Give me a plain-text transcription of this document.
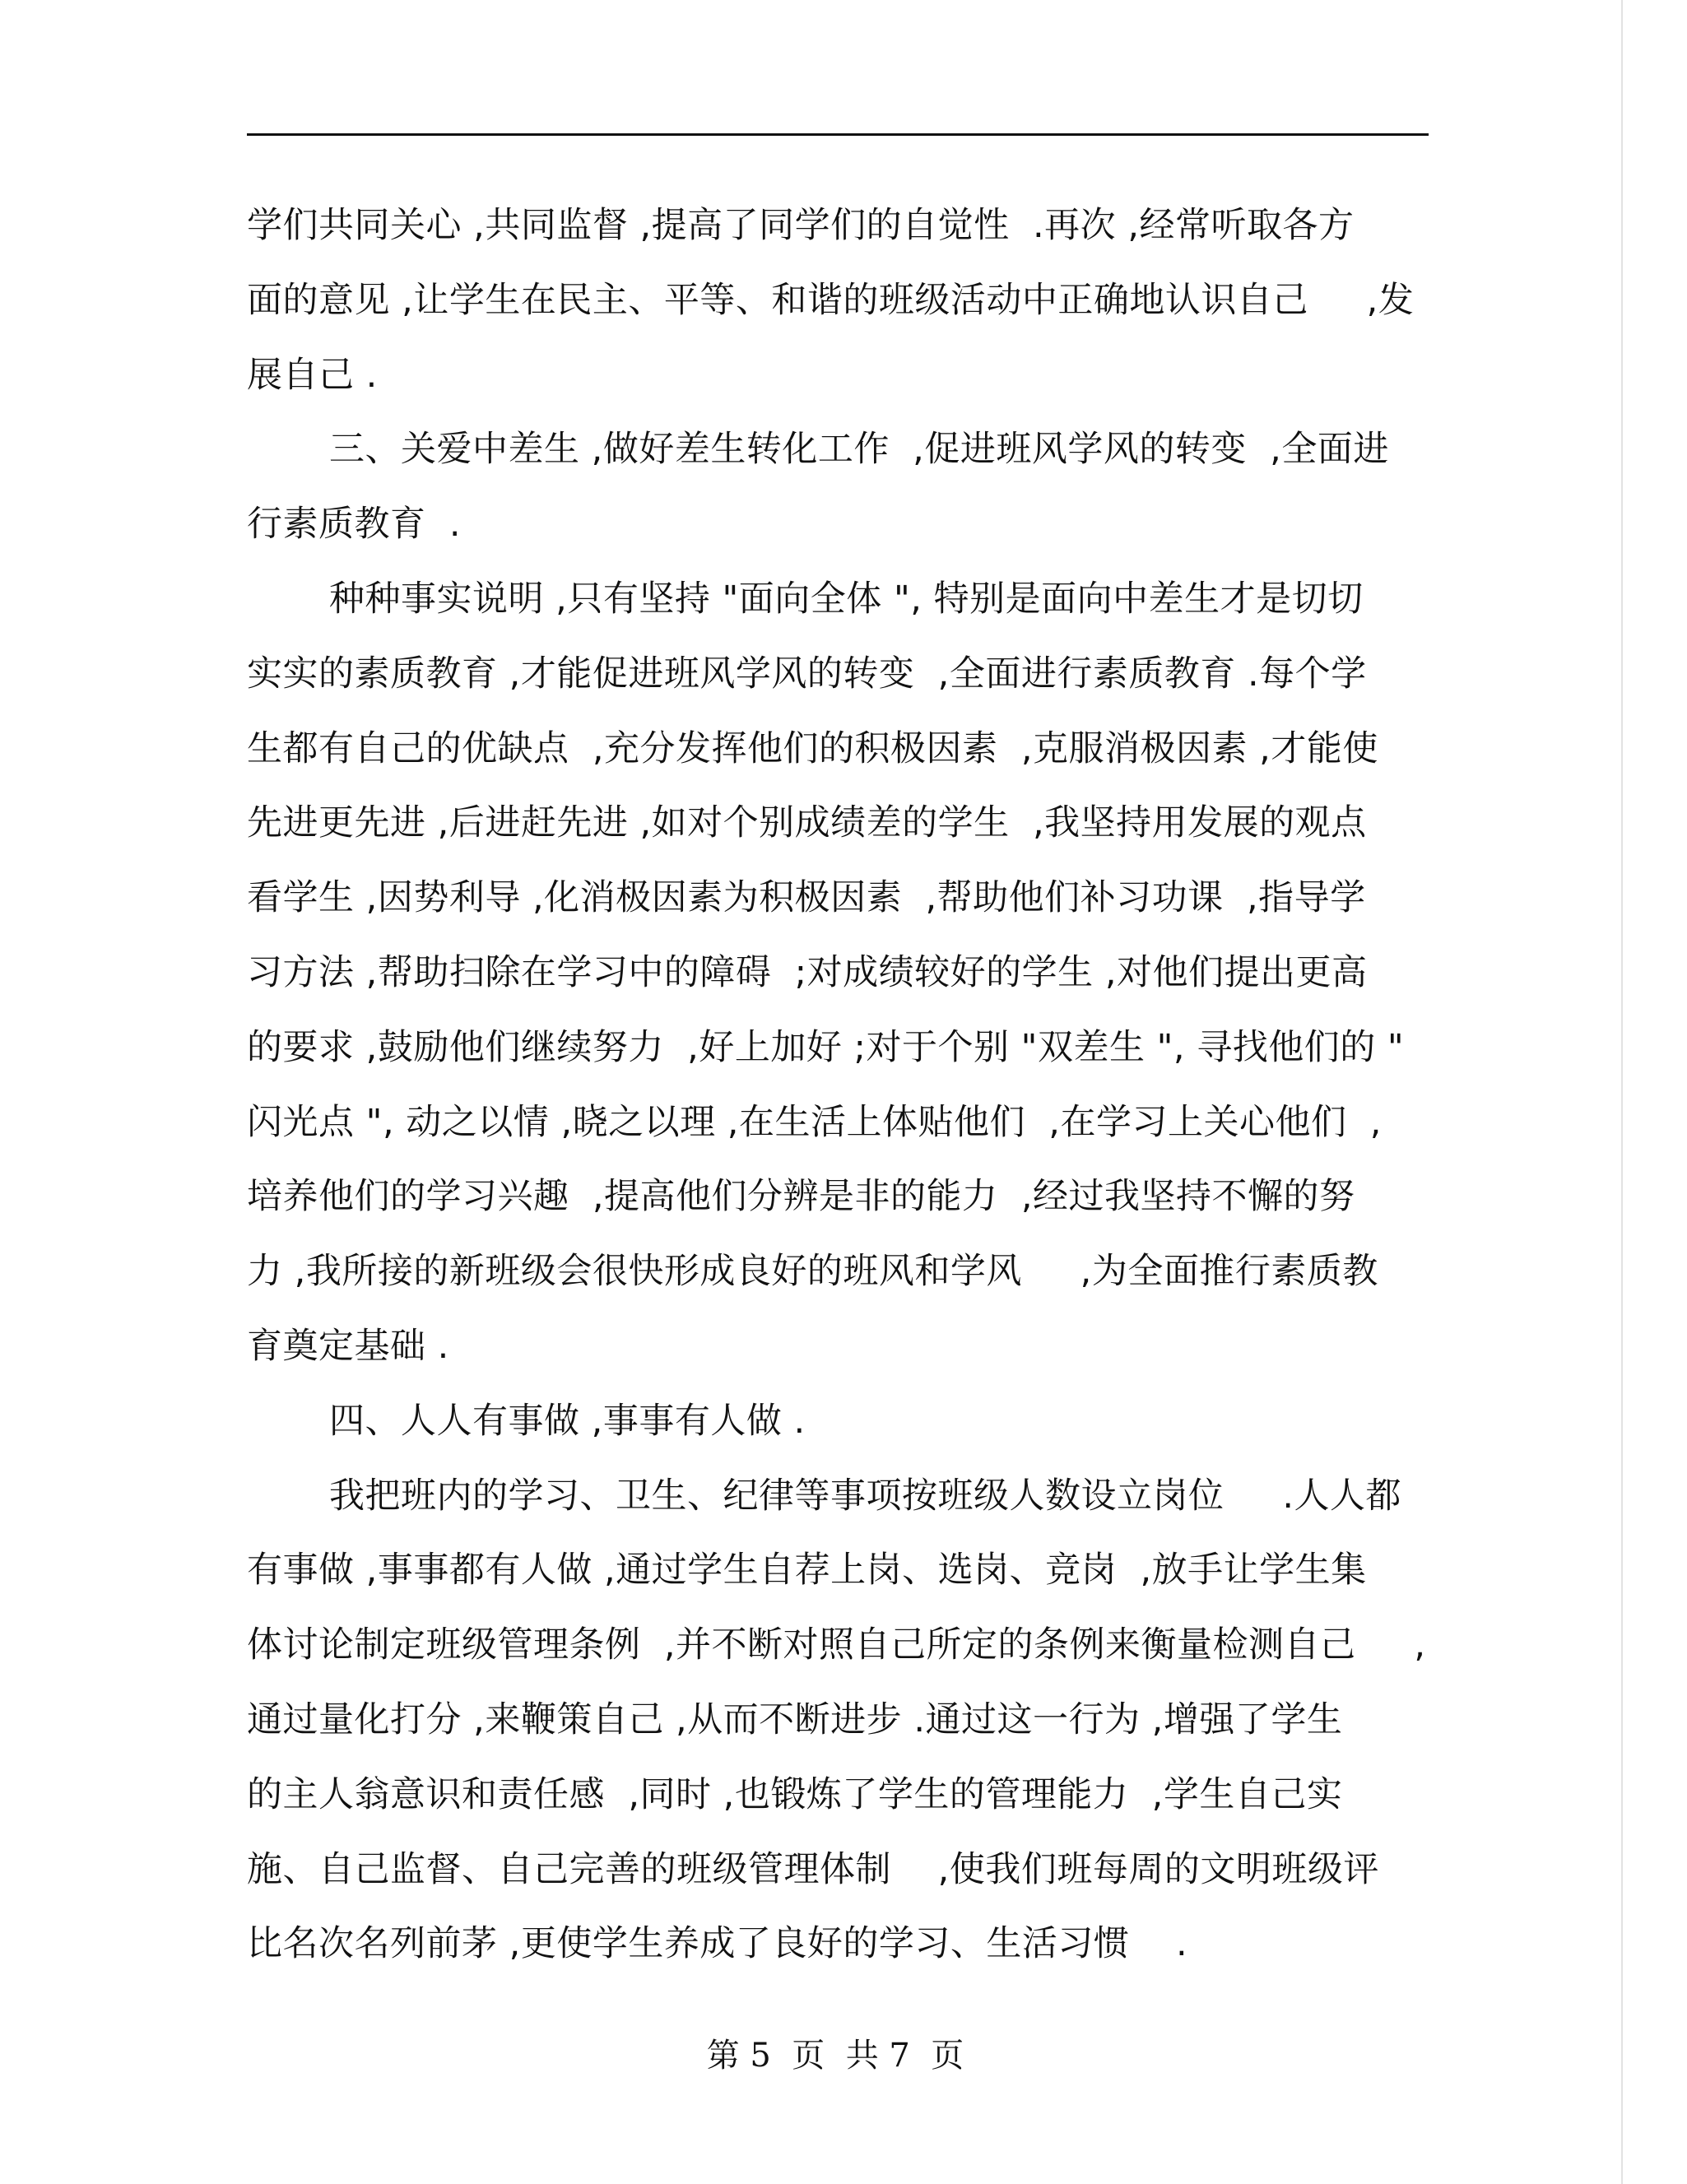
学们共同关心 ,共同监督 ,提高了同学们的自觉性  .再次 ,经常听取各方
面的意见 ,让学生在民主、平等、和谐的班级活动中正确地认识自己     ,发
展自己 .
三、关爱中差生 ,做好差生转化工作  ,促进班风学风的转变  ,全面进
行素质教育  .
种种事实说明 ,只有坚持 "面向全体 ", 特别是面向中差生才是切切
实实的素质教育 ,才能促进班风学风的转变  ,全面进行素质教育 .每个学
生都有自己的优缺点  ,充分发挥他们的积极因素  ,克服消极因素 ,才能使
先进更先进 ,后进赶先进 ,如对个别成绩差的学生  ,我坚持用发展的观点
看学生 ,因势利导 ,化消极因素为积极因素  ,帮助他们补习功课  ,指导学
习方法 ,帮助扫除在学习中的障碍  ;对成绩较好的学生 ,对他们提出更高
的要求 ,鼓励他们继续努力  ,好上加好 ;对于个别 "双差生 ", 寻找他们的 "
闪光点 ", 动之以情 ,晓之以理 ,在生活上体贴他们  ,在学习上关心他们  ,
培养他们的学习兴趣  ,提高他们分辨是非的能力  ,经过我坚持不懈的努
力 ,我所接的新班级会很快形成良好的班风和学风     ,为全面推行素质教
育奠定基础 .
四、人人有事做 ,事事有人做 .
我把班内的学习、卫生、纪律等事项按班级人数设立岗位     .人人都
有事做 ,事事都有人做 ,通过学生自荐上岗、选岗、竞岗  ,放手让学生集
体讨论制定班级管理条例  ,并不断对照自己所定的条例来衡量检测自己     ,
通过量化打分 ,来鞭策自己 ,从而不断进步 .通过这一行为 ,增强了学生
的主人翁意识和责任感  ,同时 ,也锻炼了学生的管理能力  ,学生自己实
施、自己监督、自己完善的班级管理体制    ,使我们班每周的文明班级评
比名次名列前茅 ,更使学生养成了良好的学习、生活习惯    .
第 5  页  共 7  页
